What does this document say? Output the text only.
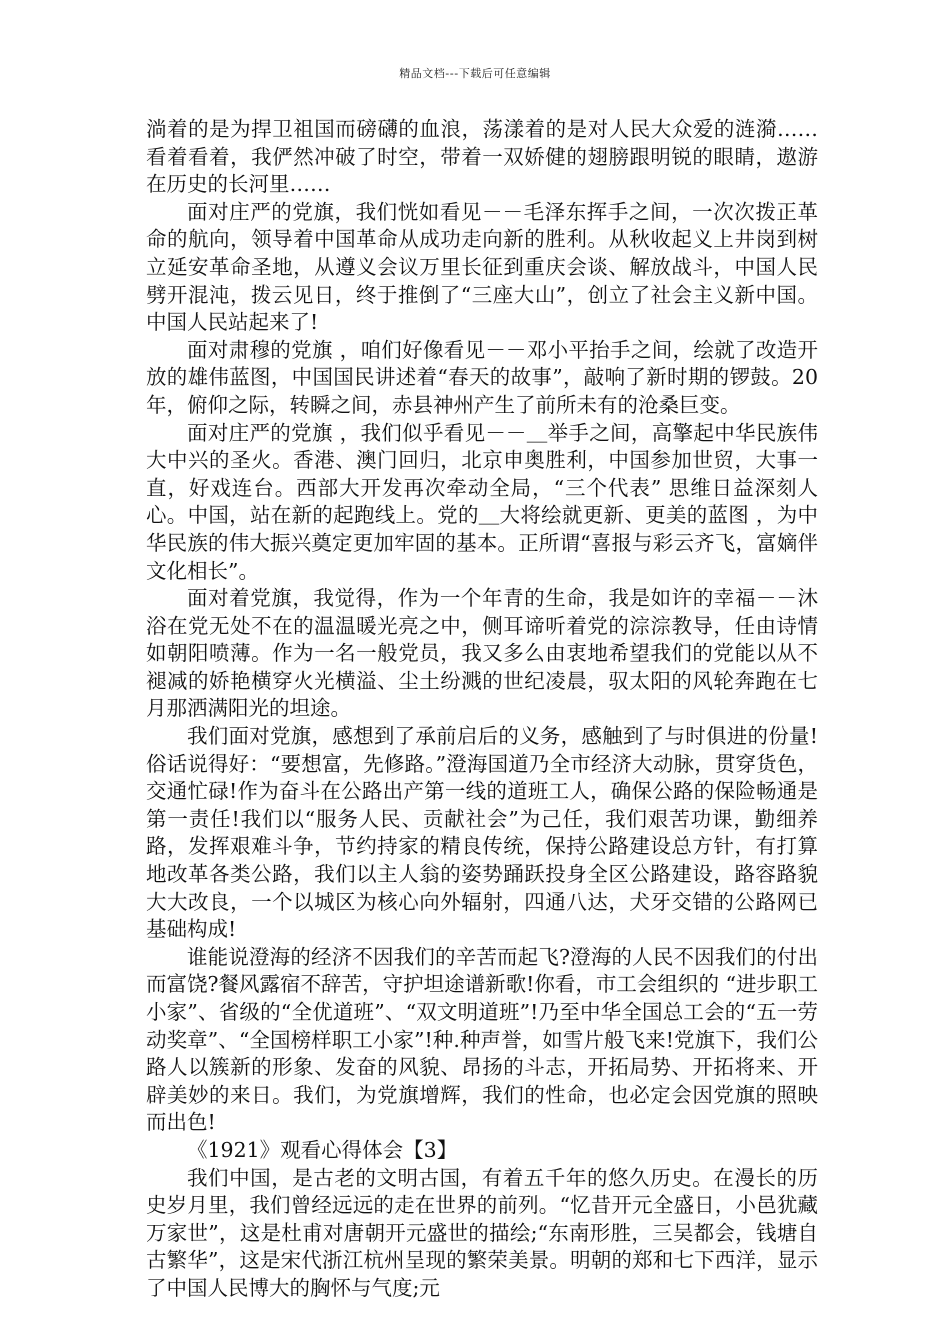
精品文档---下载后可任意编辑

淌着的是为捍卫祖国而磅礴的血浪，荡漾着的是对人民大众爱的涟漪……看着看着，我俨然冲破了时空，带着一双娇健的翅膀跟明锐的眼睛，遨游在历史的长河里……

面对庄严的党旗，我们恍如看见－－毛泽东挥手之间，一次次拨正革命的航向，领导着中国革命从成功走向新的胜利。从秋收起义上井岗到树立延安革命圣地，从遵义会议万里长征到重庆会谈、解放战斗，中国人民劈开混沌，拨云见日，终于推倒了“三座大山”，创立了社会主义新中国。中国人民站起来了!

面对肃穆的党旗 ，咱们好像看见－－邓小平抬手之间，绘就了改造开放的雄伟蓝图，中国国民讲述着“春天的故事”，敲响了新时期的锣鼓。20年，俯仰之际，转瞬之间，赤县神州产生了前所未有的沧桑巨变。

面对庄严的党旗 ，我们似乎看见－－＿举手之间，高擎起中华民族伟大中兴的圣火。香港、澳门回归，北京申奥胜利，中国参加世贸，大事一直，好戏连台。西部大开发再次牵动全局，“三个代表” 思维日益深刻人心。中国，站在新的起跑线上。党的＿大将绘就更新、更美的蓝图 ，为中华民族的伟大振兴奠定更加牢固的基本。正所谓“喜报与彩云齐飞，富嫡伴文化相长”。

面对着党旗，我觉得，作为一个年青的生命，我是如许的幸福－－沐浴在党无处不在的温温暖光亮之中，侧耳谛听着党的淙淙教导，任由诗情如朝阳喷薄。作为一名一般党员，我又多么由衷地希望我们的党能以从不褪减的娇艳横穿火光横溢、尘土纷溅的世纪凌晨，驭太阳的风轮奔跑在七月那洒满阳光的坦途。

我们面对党旗，感想到了承前启后的义务，感触到了与时俱进的份量!俗话说得好：“要想富，先修路。”澄海国道乃全市经济大动脉，贯穿货色，交通忙碌!作为奋斗在公路出产第一线的道班工人，确保公路的保险畅通是第一责任!我们以“服务人民、贡献社会”为己任，我们艰苦功课，勤细养路，发挥艰难斗争，节约持家的精良传统，保持公路建设总方针，有打算地改革各类公路，我们以主人翁的姿势踊跃投身全区公路建设，路容路貌大大改良，一个以城区为核心向外辐射，四通八达，犬牙交错的公路网已基础构成!

谁能说澄海的经济不因我们的辛苦而起飞?澄海的人民不因我们的付出而富饶?餐风露宿不辞苦，守护坦途谱新歌!你看，市工会组织的 “进步职工小家”、省级的“全优道班”、“双文明道班”!乃至中华全国总工会的“五一劳动奖章”、“全国榜样职工小家”!种.种声誉，如雪片般飞来!党旗下，我们公路人以簇新的形象、发奋的风貌、昂扬的斗志，开拓局势、开拓将来、开辟美妙的来日。我们，为党旗增辉，我们的性命，也必定会因党旗的照映而出色!

《1921》观看心得体会【3】

我们中国，是古老的文明古国，有着五千年的悠久历史。在漫长的历史岁月里，我们曾经远远的走在世界的前列。“忆昔开元全盛日，小邑犹藏万家世”，这是杜甫对唐朝开元盛世的描绘;“东南形胜，三吴都会，钱塘自古繁华”，这是宋代浙江杭州呈现的繁荣美景。明朝的郑和七下西洋，显示了中国人民博大的胸怀与气度;元
